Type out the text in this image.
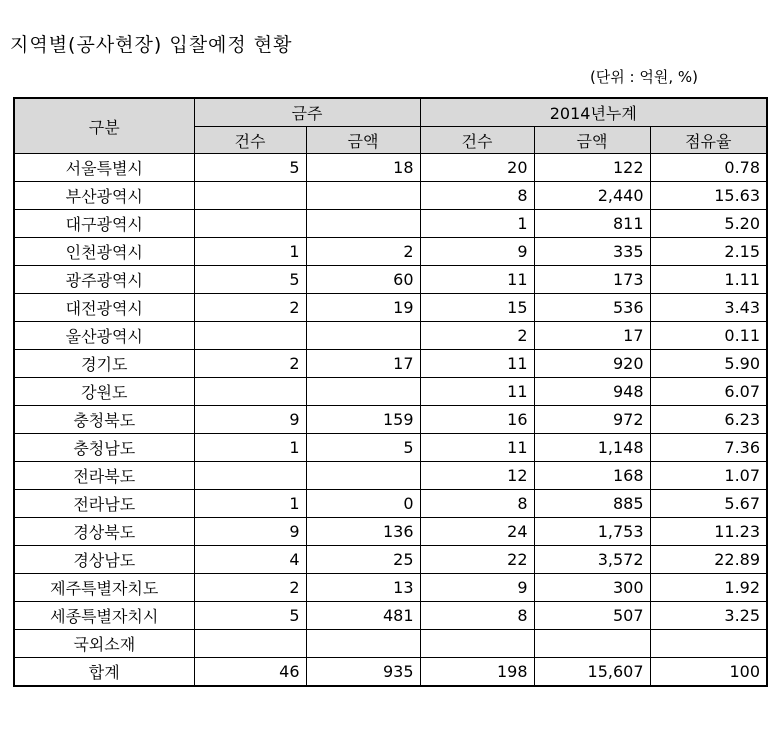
지역별(공사현장) 입찰예정 현황
(단위 : 억원, %)
구분	금주		2014년누계		
	건수	금액	건수	금액	점유율
서울특별시	5	18	20	122	0.78
부산광역시			8	2,440	15.63
대구광역시			1	811	5.20
인천광역시	1	2	9	335	2.15
광주광역시	5	60	11	173	1.11
대전광역시	2	19	15	536	3.43
울산광역시			2	17	0.11
경기도	2	17	11	920	5.90
강원도			11	948	6.07
충청북도	9	159	16	972	6.23
충청남도	1	5	11	1,148	7.36
전라북도			12	168	1.07
전라남도	1	0	8	885	5.67
경상북도	9	136	24	1,753	11.23
경상남도	4	25	22	3,572	22.89
제주특별자치도	2	13	9	300	1.92
세종특별자치시	5	481	8	507	3.25
국외소재					
합계	46	935	198	15,607	100
